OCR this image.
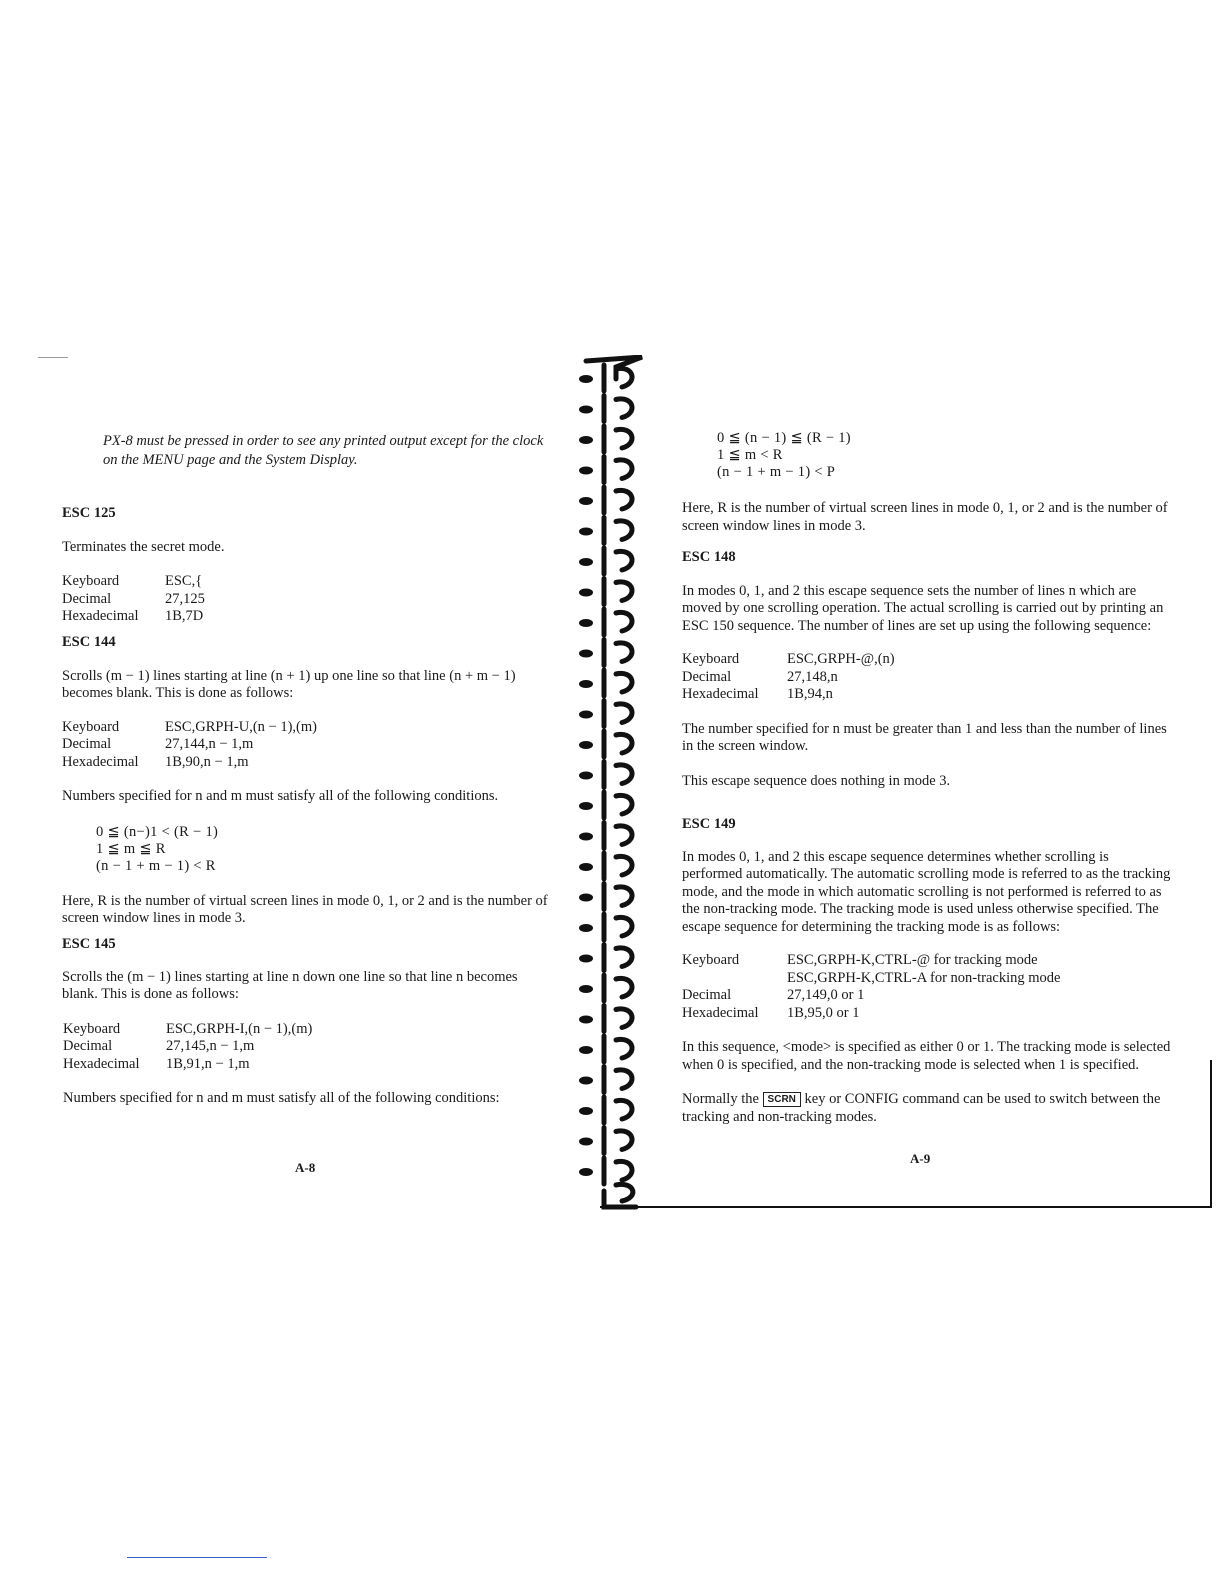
PX-8 must be pressed in order to see any printed output except for the clock on the MENU page and the System Display.
ESC 125
Terminates the secret mode.
Keyboard	ESC,{
Decimal	27,125
Hexadecimal	1B,7D
ESC 144
Scrolls (m − 1) lines starting at line (n + 1) up one line so that line (n + m − 1) becomes blank. This is done as follows:
Keyboard	ESC,GRPH-U,(n − 1),(m)
Decimal	27,144,n − 1,m
Hexadecimal	1B,90,n − 1,m
Numbers specified for n and m must satisfy all of the following conditions.
0 ≦ (n−)1 < (R − 1)
1 ≦ m ≦ R
(n − 1 + m − 1) < R
Here, R is the number of virtual screen lines in mode 0, 1, or 2 and is the number of screen window lines in mode 3.
ESC 145
Scrolls the (m − 1) lines starting at line n down one line so that line n becomes blank. This is done as follows:
Keyboard	ESC,GRPH-I,(n − 1),(m)
Decimal	27,145,n − 1,m
Hexadecimal	1B,91,n − 1,m
Numbers specified for n and m must satisfy all of the following conditions:
A-8
0 ≦ (n − 1) ≦ (R − 1)
1 ≦ m < R
(n − 1 + m − 1) < P
Here, R is the number of virtual screen lines in mode 0, 1, or 2 and is the number of screen window lines in mode 3.
ESC 148
In modes 0, 1, and 2 this escape sequence sets the number of lines n which are moved by one scrolling operation. The actual scrolling is carried out by printing an ESC 150 sequence. The number of lines are set up using the following sequence:
Keyboard	ESC,GRPH-@,(n)
Decimal	27,148,n
Hexadecimal	1B,94,n
The number specified for n must be greater than 1 and less than the number of lines in the screen window.
This escape sequence does nothing in mode 3.
ESC 149
In modes 0, 1, and 2 this escape sequence determines whether scrolling is performed automatically. The automatic scrolling mode is referred to as the tracking mode, and the mode in which automatic scrolling is not performed is referred to as the non-tracking mode. The tracking mode is used unless otherwise specified. The escape sequence for determining the tracking mode is as follows:
Keyboard	ESC,GRPH-K,CTRL-@ for tracking mode
	ESC,GRPH-K,CTRL-A for non-tracking mode
Decimal	27,149,0 or 1
Hexadecimal	1B,95,0 or 1
In this sequence, <mode> is specified as either 0 or 1. The tracking mode is selected when 0 is specified, and the non-tracking mode is selected when 1 is specified.
Normally the SCRN key or CONFIG command can be used to switch between the tracking and non-tracking modes.
A-9
